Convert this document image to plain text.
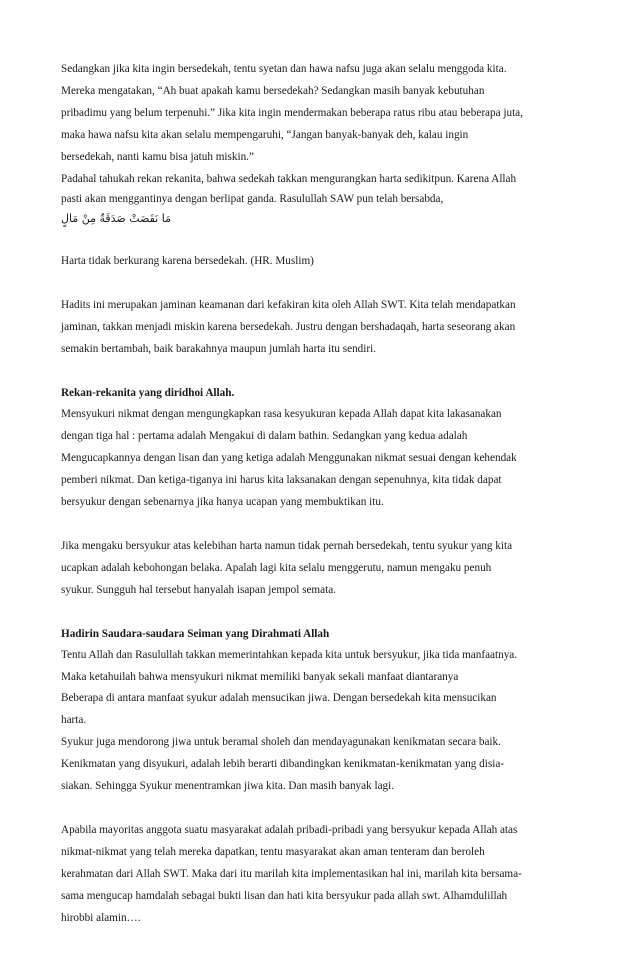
Sedangkan jika kita ingin bersedekah, tentu syetan dan hawa nafsu juga akan selalu menggoda kita.
Mereka mengatakan, “Ah buat apakah kamu bersedekah? Sedangkan masih banyak kebutuhan
pribadimu yang belum terpenuhi.” Jika kita ingin mendermakan beberapa ratus ribu atau beberapa juta,
maka hawa nafsu kita akan selalu mempengaruhi, “Jangan banyak-banyak deh, kalau ingin
bersedekah, nanti kamu bisa jatuh miskin.”
Padahal tahukah rekan rekanita, bahwa sedekah takkan mengurangkan harta sedikitpun. Karena Allah
pasti akan menggantinya dengan berlipat ganda. Rasulullah SAW pun telah bersabda,
مَا نَقَصَتْ صَدَقَةٌ مِنْ مَالٍ
Harta tidak berkurang karena bersedekah. (HR. Muslim)
Hadits ini merupakan jaminan keamanan dari kefakiran kita oleh Allah SWT. Kita telah mendapatkan
jaminan, takkan menjadi miskin karena bersedekah. Justru dengan bershadaqah, harta seseorang akan
semakin bertambah, baik barakahnya maupun jumlah harta itu sendiri.
Rekan-rekanita yang diridhoi Allah.
Mensyukuri nikmat dengan mengungkapkan rasa kesyukuran kepada Allah dapat kita lakasanakan
dengan tiga hal : pertama adalah Mengakui di dalam bathin. Sedangkan yang kedua adalah
Mengucapkannya dengan lisan dan yang ketiga adalah Menggunakan nikmat sesuai dengan kehendak
pemberi nikmat. Dan ketiga-tiganya ini harus kita laksanakan dengan sepenuhnya, kita tidak dapat
bersyukur dengan sebenarnya jika hanya ucapan yang membuktikan itu.
Jika mengaku bersyukur atas kelebihan harta namun tidak pernah bersedekah, tentu syukur yang kita
ucapkan adalah kebohongan belaka. Apalah lagi kita selalu menggerutu, namun mengaku penuh
syukur. Sungguh hal tersebut hanyalah isapan jempol semata.
Hadirin Saudara-saudara Seiman yang Dirahmati Allah
Tentu Allah dan Rasulullah takkan memerintahkan kepada kita untuk bersyukur, jika tida manfaatnya.
Maka ketahuilah bahwa mensyukuri nikmat memiliki banyak sekali manfaat diantaranya
Beberapa di antara manfaat syukur adalah mensucikan jiwa. Dengan bersedekah kita mensucikan
harta.
Syukur juga mendorong jiwa untuk beramal sholeh dan mendayagunakan kenikmatan secara baik.
Kenikmatan yang disyukuri, adalah lebih berarti dibandingkan kenikmatan-kenikmatan yang disia-
siakan. Sehingga Syukur menentramkan jiwa kita. Dan masih banyak lagi.
Apabila mayoritas anggota suatu masyarakat adalah pribadi-pribadi yang bersyukur kepada Allah atas
nikmat-nikmat yang telah mereka dapatkan, tentu masyarakat akan aman tenteram dan beroleh
kerahmatan dari Allah SWT. Maka dari itu marilah kita implementasikan hal ini, marilah kita bersama-
sama mengucap hamdalah sebagai bukti lisan dan hati kita bersyukur pada allah swt. Alhamdulillah
hirobbi alamin….
